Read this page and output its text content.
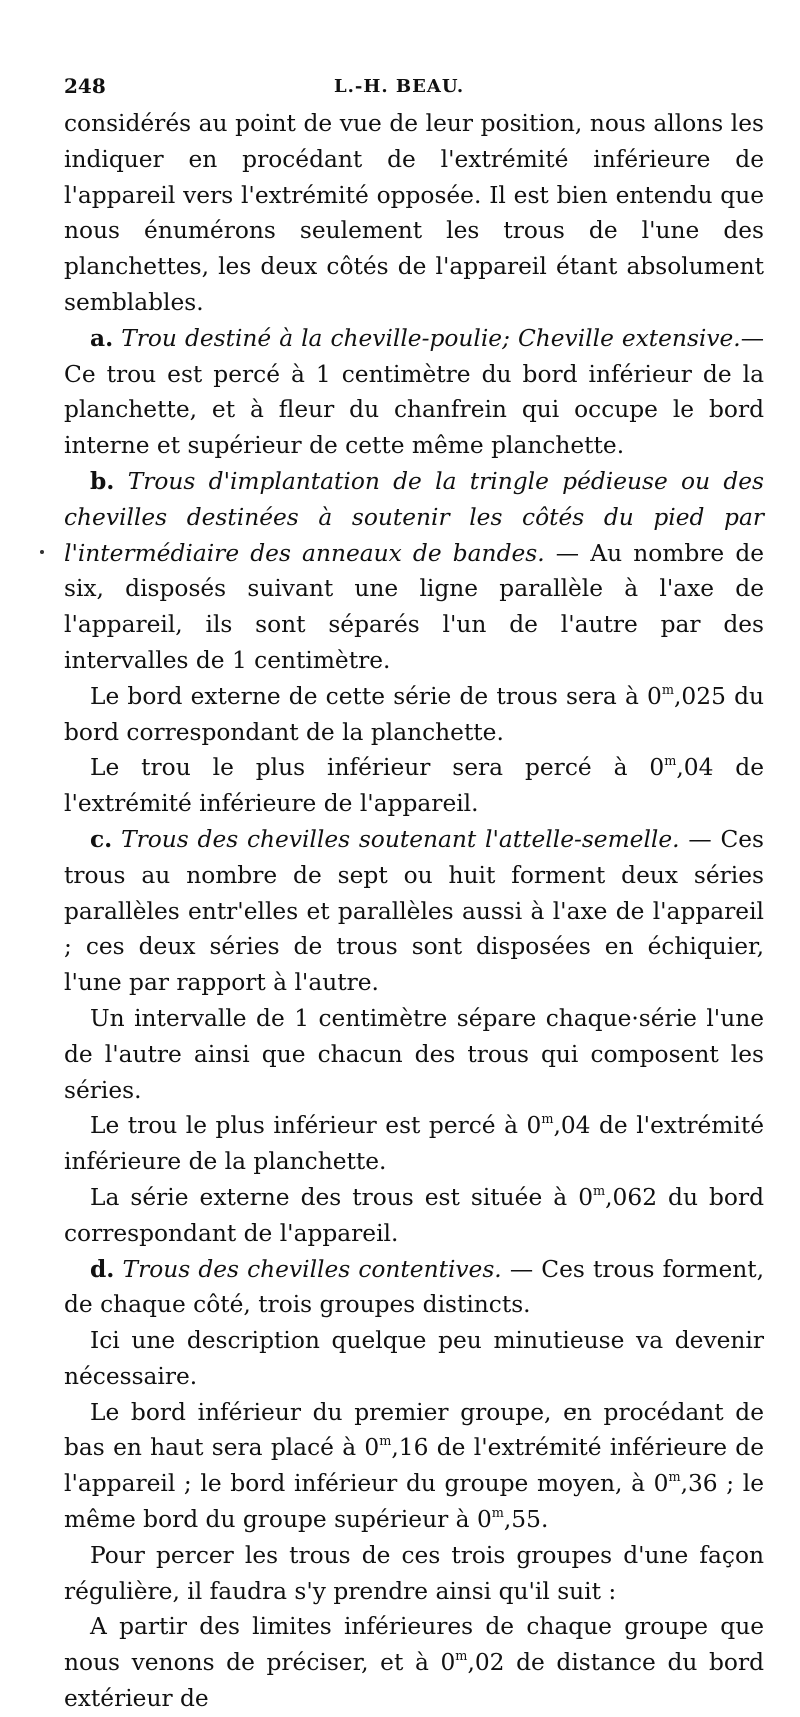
248	L.-H. BEAU.

considérés au point de vue de leur position, nous allons les indiquer en procédant de l'extrémité inférieure de l'appareil vers l'extrémité opposée. Il est bien entendu que nous énumérons seulement les trous de l'une des planchettes, les deux côtés de l'appareil étant absolument semblables.

a. Trou destiné à la cheville-poulie; Cheville extensive.— Ce trou est percé à 1 centimètre du bord inférieur de la planchette, et à fleur du chanfrein qui occupe le bord interne et supérieur de cette même planchette.

b. Trous d'implantation de la tringle pédieuse ou des chevilles destinées à soutenir les côtés du pied par l'intermédiaire des anneaux de bandes. — Au nombre de six, disposés suivant une ligne parallèle à l'axe de l'appareil, ils sont séparés l'un de l'autre par des intervalles de 1 centimètre.

Le bord externe de cette série de trous sera à 0$^m$,025 du bord correspondant de la planchette.

Le trou le plus inférieur sera percé à 0$^m$,04 de l'extrémité inférieure de l'appareil.

c. Trous des chevilles soutenant l'attelle-semelle. — Ces trous au nombre de sept ou huit forment deux séries parallèles entr'elles et parallèles aussi à l'axe de l'appareil ; ces deux séries de trous sont disposées en échiquier, l'une par rapport à l'autre.

Un intervalle de 1 centimètre sépare chaque·série l'une de l'autre ainsi que chacun des trous qui composent les séries.

Le trou le plus inférieur est percé à 0$^m$,04 de l'extrémité inférieure de la planchette.

La série externe des trous est située à 0$^m$,062 du bord correspondant de l'appareil.

d. Trous des chevilles contentives. — Ces trous forment, de chaque côté, trois groupes distincts.

Ici une description quelque peu minutieuse va devenir nécessaire.

Le bord inférieur du premier groupe, en procédant de bas en haut sera placé à 0$^m$,16 de l'extrémité inférieure de l'appareil ; le bord inférieur du groupe moyen, à 0$^m$,36 ; le même bord du groupe supérieur à 0$^m$,55.

Pour percer les trous de ces trois groupes d'une façon régulière, il faudra s'y prendre ainsi qu'il suit :

A partir des limites inférieures de chaque groupe que nous venons de préciser, et à 0$^m$,02 de distance du bord extérieur de
